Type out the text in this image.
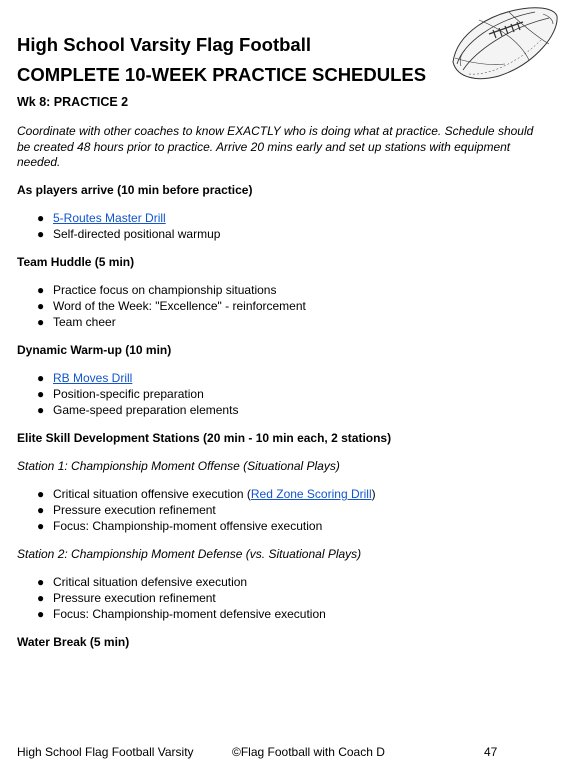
High School Varsity Flag Football
COMPLETE 10-WEEK PRACTICE SCHEDULES
Wk 8: PRACTICE 2
Coordinate with other coaches to know EXACTLY who is doing what at practice. Schedule should be created 48 hours prior to practice. Arrive 20 mins early and set up stations with equipment needed.

As players arrive (10 min before practice)

● 5-Routes Master Drill
● Self-directed positional warmup

Team Huddle (5 min)

● Practice focus on championship situations
● Word of the Week: "Excellence" - reinforcement
● Team cheer

Dynamic Warm-up (10 min)

● RB Moves Drill
● Position-specific preparation
● Game-speed preparation elements

Elite Skill Development Stations (20 min - 10 min each, 2 stations)

Station 1: Championship Moment Offense (Situational Plays)

● Critical situation offensive execution (Red Zone Scoring Drill)
● Pressure execution refinement
● Focus: Championship-moment offensive execution

Station 2: Championship Moment Defense (vs. Situational Plays)

● Critical situation defensive execution
● Pressure execution refinement
● Focus: Championship-moment defensive execution

Water Break (5 min)

High School Flag Football Varsity	©Flag Football with Coach D	47
